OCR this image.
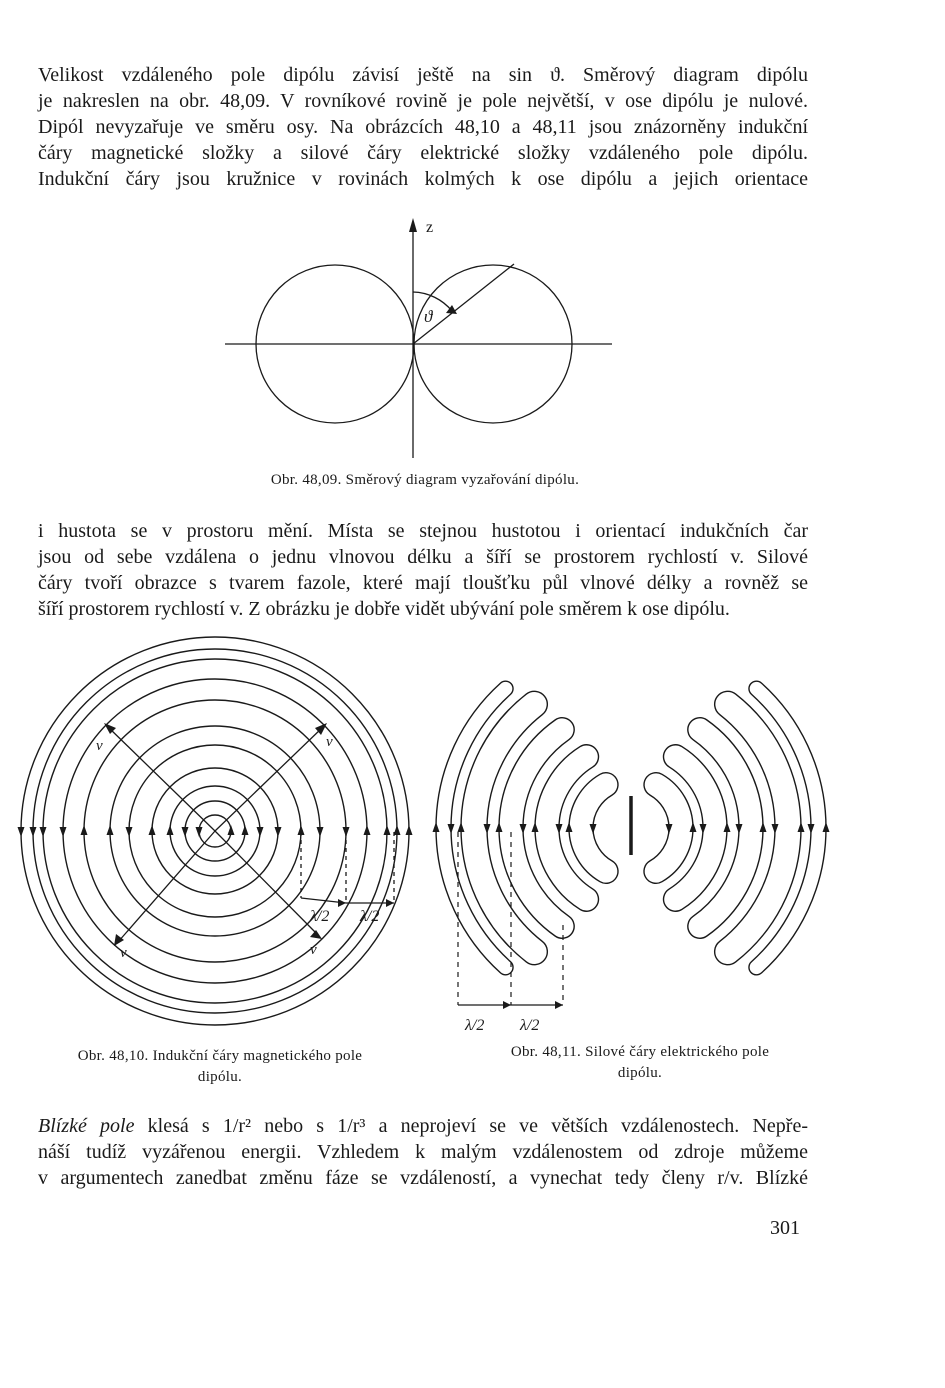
Velikost vzdáleného pole dipólu závisí ještě na sin ϑ. Směrový diagram dipólu
je nakreslen na obr. 48,09. V rovníkové rovině je pole největší, v ose dipólu je nulové.
Dipól nevyzařuje ve směru osy. Na obrázcích 48,10 a 48,11 jsou znázorněny indukční
čáry magnetické složky a silové čáry elektrické složky vzdáleného pole dipólu.
Indukční čáry jsou kružnice v rovinách kolmých k ose dipólu a jejich orientace
z
ϑ
Obr. 48,09. Směrový diagram vyzařování dipólu.
i hustota se v prostoru mění. Místa se stejnou hustotou i orientací indukčních čar
jsou od sebe vzdálena o jednu vlnovou délku a šíří se prostorem rychlostí v. Silové
čáry tvoří obrazce s tvarem fazole, které mají tloušťku půl vlnové délky a rovněž se
šíří prostorem rychlostí v. Z obrázku je dobře vidět ubývání pole směrem k ose dipólu.
v	v
v	v
λ/2 λ/2
Obr. 48,10. Indukční čáry magnetického pole
dipólu.
λ/2 λ/2
Obr. 48,11. Silové čáry elektrického pole
dipólu.
Blízké pole klesá s 1/r² nebo s 1/r³ a neprojeví se ve větších vzdálenostech. Nepře-
náší tudíž vyzářenou energii. Vzhledem k malým vzdálenostem od zdroje můžeme
v argumentech zanedbat změnu fáze se vzdáleností, a vynechat tedy členy r/v. Blízké
301
